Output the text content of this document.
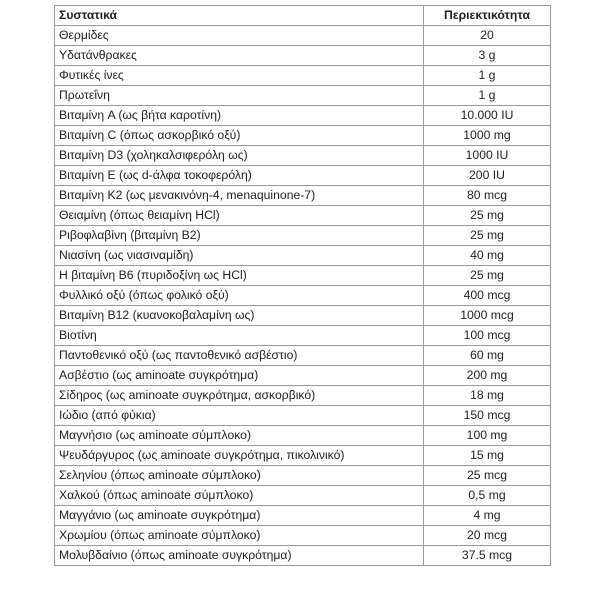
Συστατικά	Περιεκτικότητα
Θερμίδες	20
Υδατάνθρακες	3 g
Φυτικές ίνες	1 g
Πρωτεΐνη	1 g
Βιταμίνη A (ως βήτα καροτίνη)	10.000 IU
Βιταμίνη C (όπως ασκορβικό οξύ)	1000 mg
Βιταμίνη D3 (χοληκαλσιφερόλη ως)	1000 IU
Βιταμίνη E (ως d-άλφα τοκοφερόλη)	200 IU
Βιταμίνη K2 (ως μενακινόνη-4, menaquinone-7)	80 mcg
Θειαμίνη (όπως θειαμίνη HCl)	25 mg
Ριβοφλαβίνη (βιταμίνη B2)	25 mg
Νιασίνη (ως νιασιναμίδη)	40 mg
Η βιταμίνη B6 (πυριδοξίνη ως HCl)	25 mg
Φυλλικό οξύ (όπως φολικό οξύ)	400 mcg
Βιταμίνη B12 (κυανοκοβαλαμίνη ως)	1000 mcg
Βιοτίνη	100 mcg
Παντοθενικό οξύ (ως παντοθενικό ασβέστιο)	60 mg
Ασβέστιο (ως aminoate συγκρότημα)	200 mg
Σίδηρος (ως aminoate συγκρότημα, ασκορβικό)	18 mg
Ιώδιο (από φύκια)	150 mcg
Μαγνήσιο (ως aminoate σύμπλοκο)	100 mg
Ψευδάργυρος (ως aminoate συγκρότημα, πικολινικό)	15 mg
Σεληνίου (όπως aminoate σύμπλοκο)	25 mcg
Χαλκού (όπως aminoate σύμπλοκο)	0,5 mg
Μαγγάνιο (ως aminoate συγκρότημα)	4 mg
Χρωμίου (όπως aminoate σύμπλοκο)	20 mcg
Μολυβδαίνιο (όπως aminoate συγκρότημα)	37.5 mcg
